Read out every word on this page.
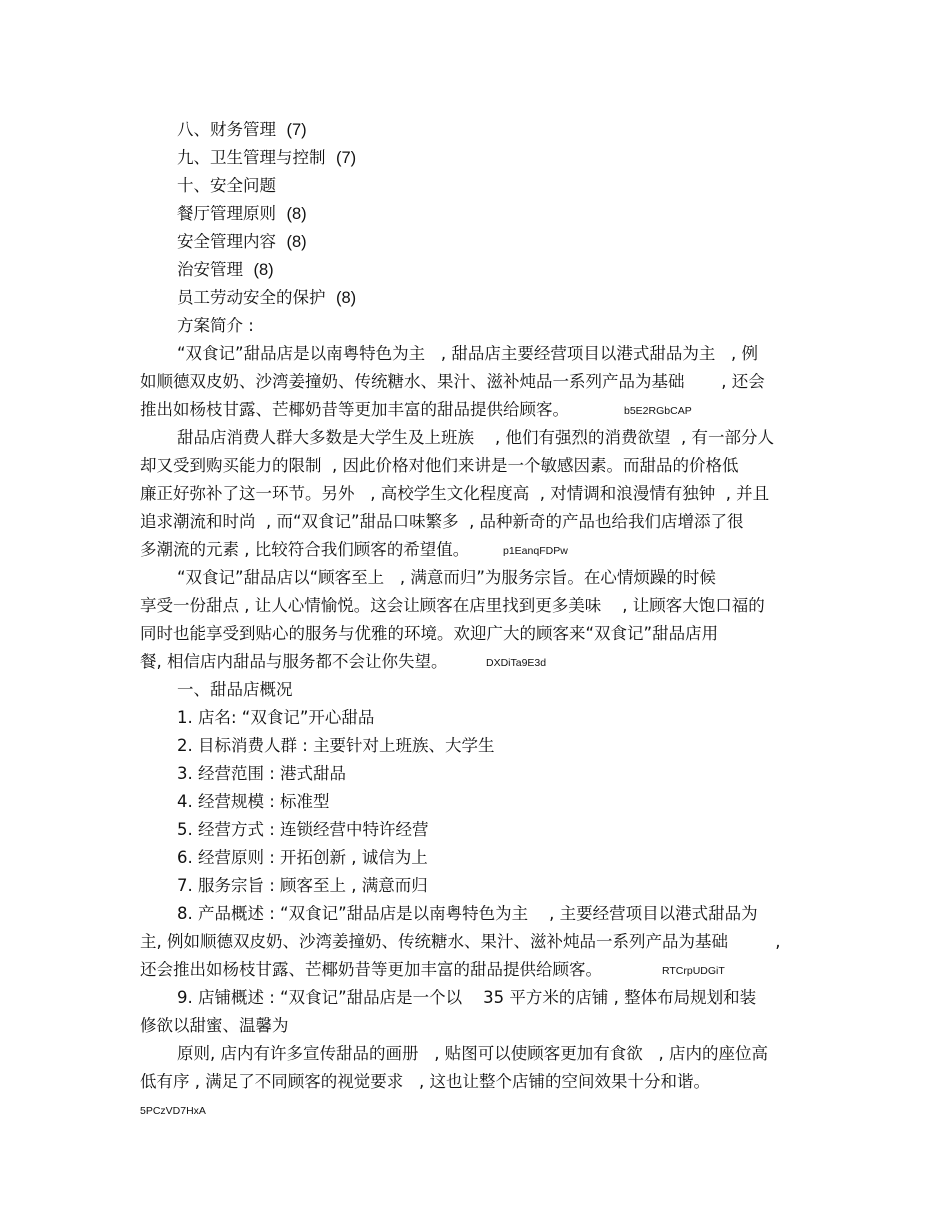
八、财务管理 (7)
九、卫生管理与控制 (7)
十、安全问题
餐厅管理原则 (8)
安全管理内容 (8)
治安管理 (8)
员工劳动安全的保护 (8)
方案简介 :
“双食记”甜品店是以南粤特色为主   , 甜品店主要经营项目以港式甜品为主   , 例
如顺德双皮奶、沙湾姜撞奶、传统糖水、果汁、滋补炖品一系列产品为基础       , 还会
推出如杨枝甘露、芒椰奶昔等更加丰富的甜品提供给顾客。	b5E2RGbCAP
甜品店消费人群大多数是大学生及上班族    , 他们有强烈的消费欲望  , 有一部分人
却又受到购买能力的限制  , 因此价格对他们来讲是一个敏感因素。而甜品的价格低
廉正好弥补了这一环节。另外   , 高校学生文化程度高  , 对情调和浪漫情有独钟  , 并且
追求潮流和时尚  , 而“双食记”甜品口味繁多  , 品种新奇的产品也给我们店增添了很
多潮流的元素 , 比较符合我们顾客的希望值。	p1EanqFDPw
“双食记”甜品店以“顾客至上   , 满意而归”为服务宗旨。在心情烦躁的时候
享受一份甜点 , 让人心情愉悦。这会让顾客在店里找到更多美味    , 让顾客大饱口福的
同时也能享受到贴心的服务与优雅的环境。欢迎广大的顾客来“双食记”甜品店用
餐, 相信店内甜品与服务都不会让你失望。	DXDiTa9E3d
一、甜品店概况
1. 店名: “双食记”开心甜品
2. 目标消费人群 : 主要针对上班族、大学生
3. 经营范围 : 港式甜品
4. 经营规模 : 标准型
5. 经营方式 : 连锁经营中特许经营
6. 经营原则 : 开拓创新 , 诚信为上
7. 服务宗旨 : 顾客至上 , 满意而归
8. 产品概述 : “双食记”甜品店是以南粤特色为主    , 主要经营项目以港式甜品为
主, 例如顺德双皮奶、沙湾姜撞奶、传统糖水、果汁、滋补炖品一系列产品为基础         ,
还会推出如杨枝甘露、芒椰奶昔等更加丰富的甜品提供给顾客。	RTCrpUDGiT
9. 店铺概述 : “双食记”甜品店是一个以    35 平方米的店铺 , 整体布局规划和装
修欲以甜蜜、温馨为
原则, 店内有许多宣传甜品的画册   , 贴图可以使顾客更加有食欲   , 店内的座位高
低有序 , 满足了不同顾客的视觉要求   , 这也让整个店铺的空间效果十分和谐。
5PCzVD7HxA
